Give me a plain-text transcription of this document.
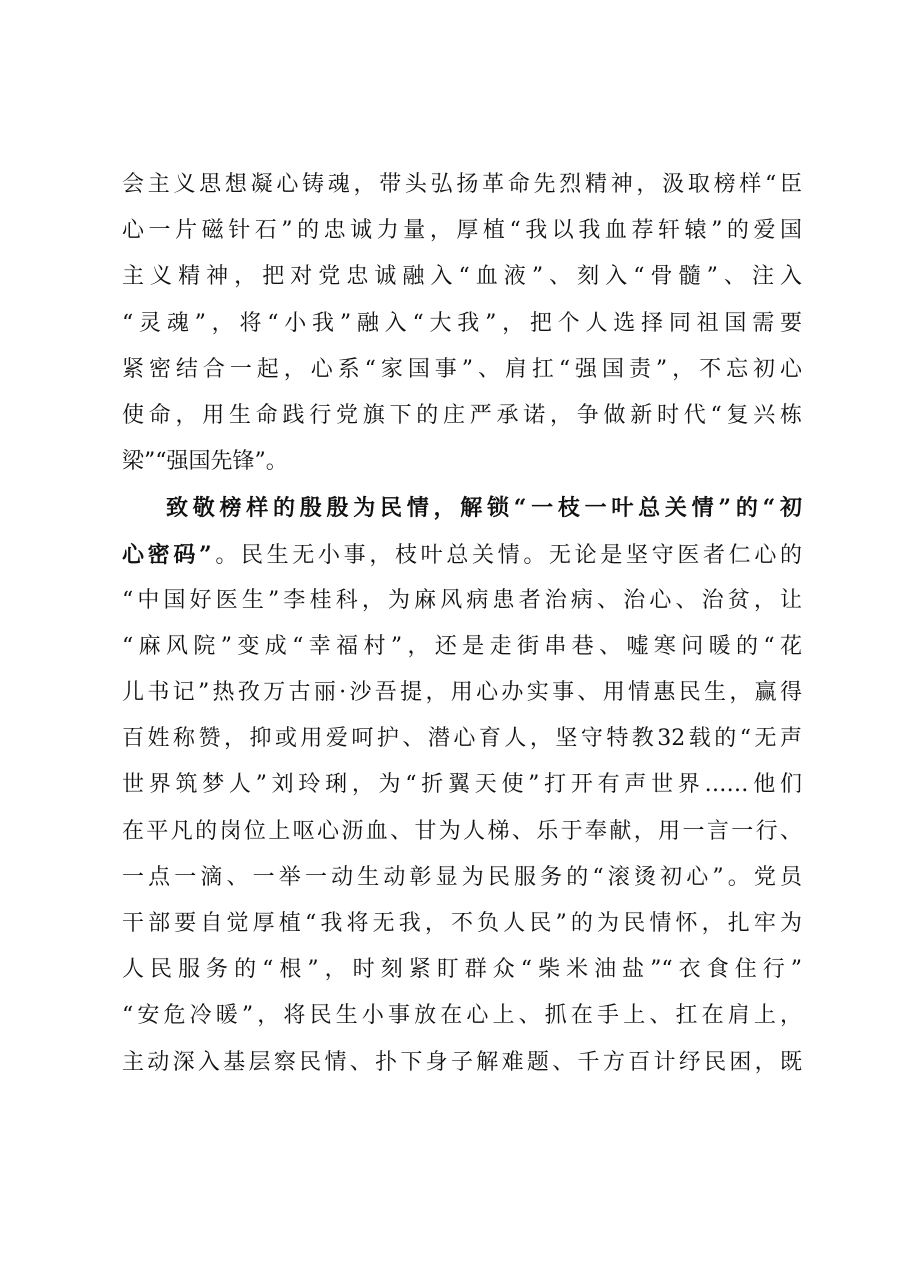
会主义思想凝心铸魂，带头弘扬革命先烈精神，汲取榜样“臣
心一片磁针石”的忠诚力量，厚植“我以我血荐轩辕”的爱国
主义精神，把对党忠诚融入“血液”、刻入“骨髓”、注入
“灵魂”，将“小我”融入“大我”，把个人选择同祖国需要
紧密结合一起，心系“家国事”、肩扛“强国责”，不忘初心
使命，用生命践行党旗下的庄严承诺，争做新时代“复兴栋
梁”“强国先锋”。
致敬榜样的殷殷为民情，解锁“一枝一叶总关情”的“初
心密码”。民生无小事，枝叶总关情。无论是坚守医者仁心的
“中国好医生”李桂科，为麻风病患者治病、治心、治贫，让
“麻风院”变成“幸福村”，还是走街串巷、嘘寒问暖的“花
儿书记”热孜万古丽·沙吾提，用心办实事、用情惠民生，赢得
百姓称赞，抑或用爱呵护、潜心育人，坚守特教32载的“无声
世界筑梦人”刘玲琍，为“折翼天使”打开有声世界……他们
在平凡的岗位上呕心沥血、甘为人梯、乐于奉献，用一言一行、
一点一滴、一举一动生动彰显为民服务的“滚烫初心”。党员
干部要自觉厚植“我将无我，不负人民”的为民情怀，扎牢为
人民服务的“根”，时刻紧盯群众“柴米油盐”“衣食住行”
“安危冷暖”，将民生小事放在心上、抓在手上、扛在肩上，
主动深入基层察民情、扑下身子解难题、千方百计纾民困，既
